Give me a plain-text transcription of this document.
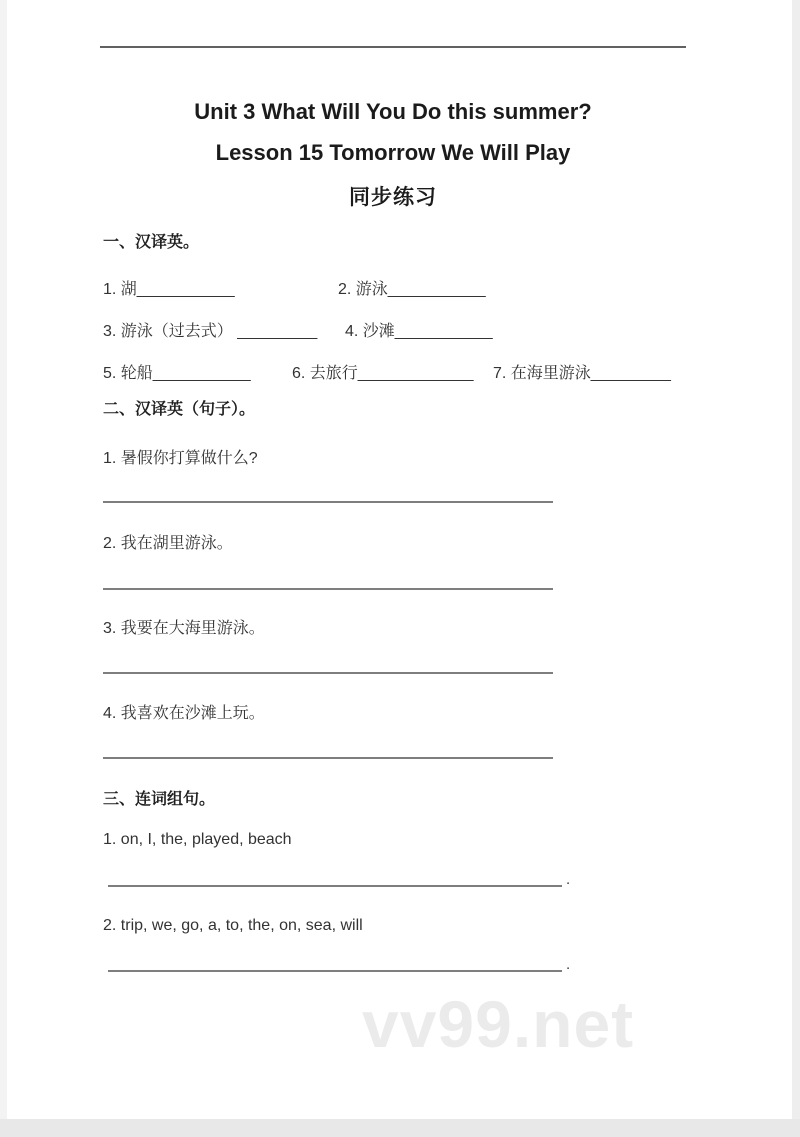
Unit 3 What Will You Do this summer?
Lesson 15 Tomorrow We Will Play
同步练习
一、汉译英。
1. 湖___________	2. 游泳___________
3. 游泳（过去式） _________ 4. 沙滩___________
5. 轮船___________	6. 去旅行_____________ 7. 在海里游泳_________
二、汉译英（句子）。
1. 暑假你打算做什么?
2. 我在湖里游泳。
3. 我要在大海里游泳。
4. 我喜欢在沙滩上玩。
三、连词组句。
1. on, I, the, played, beach
.
2. trip, we, go, a, to, the, on, sea, will
.
vv99.net
